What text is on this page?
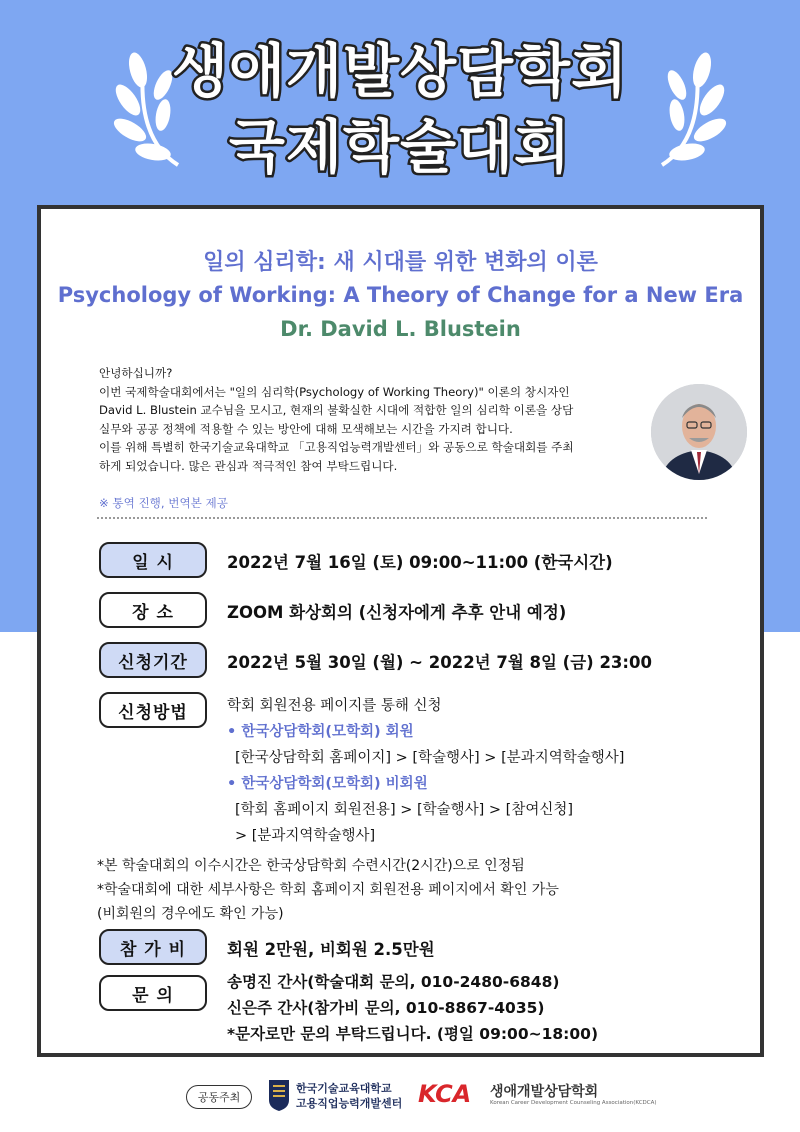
생애개발상담학회
국제학술대회
일의 심리학: 새 시대를 위한 변화의 이론
Psychology of Working: A Theory of Change for a New Era
Dr. David L. Blustein
안녕하십니까?
이번 국제학술대회에서는 "일의 심리학(Psychology of Working Theory)" 이론의 창시자인
David L. Blustein 교수님을 모시고, 현재의 불확실한 시대에 적합한 일의 심리학 이론을 상담
실무와 공공 정책에 적용할 수 있는 방안에 대해 모색해보는 시간을 가지려 합니다.
이를 위해 특별히 한국기술교육대학교 「고용직업능력개발센터」와 공동으로 학술대회를 주최
하게 되었습니다. 많은 관심과 적극적인 참여 부탁드립니다.
※ 통역 진행, 번역본 제공
일 시	2022년 7월 16일 (토) 09:00~11:00 (한국시간)
장 소	ZOOM 화상회의 (신청자에게 추후 안내 예정)
신청기간	2022년 5월 30일 (월) ~ 2022년 7월 8일 (금) 23:00
신청방법	학회 회원전용 페이지를 통해 신청
• 한국상담학회(모학회) 회원
[한국상담학회 홈페이지] > [학술행사] > [분과지역학술행사]
• 한국상담학회(모학회) 비회원
[학회 홈페이지 회원전용] > [학술행사] > [참여신청]
> [분과지역학술행사]
*본 학술대회의 이수시간은 한국상담학회 수련시간(2시간)으로 인정됨
*학술대회에 대한 세부사항은 학회 홈페이지 회원전용 페이지에서 확인 가능
(비회원의 경우에도 확인 가능)
참 가 비	회원 2만원, 비회원 2.5만원
문 의
송명진 간사(학술대회 문의, 010-2480-6848)
신은주 간사(참가비 문의, 010-8867-4035)
*문자로만 문의 부탁드립니다. (평일 09:00~18:00)
공동주최
한국기술교육대학교
고용직업능력개발센터 KCA 생애개발상담학회
Korean Career Development Counseling Association(KCDCA)
